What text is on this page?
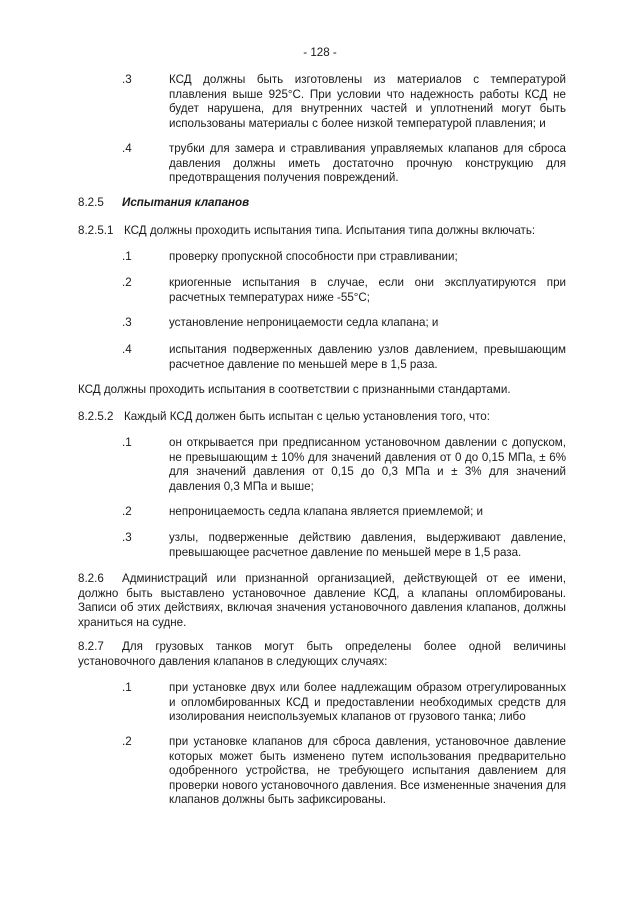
- 128 -
.3	КСД должны быть изготовлены из материалов с температурой плавления выше 925°C. При условии что надежность работы КСД не будет нарушена, для внутренних частей и уплотнений могут быть использованы материалы с более низкой температурой плавления; и
.4	трубки для замера и стравливания управляемых клапанов для сброса давления должны иметь достаточно прочную конструкцию для предотвращения получения повреждений.
8.2.5 Испытания клапанов
8.2.5.1 КСД должны проходить испытания типа. Испытания типа должны включать:
.1	проверку пропускной способности при стравливании;
.2	криогенные испытания в случае, если они эксплуатируются при расчетных температурах ниже -55°C;
.3	установление непроницаемости седла клапана; и
.4	испытания подверженных давлению узлов давлением, превышающим расчетное давление по меньшей мере в 1,5 раза.
КСД должны проходить испытания в соответствии с признанными стандартами.
8.2.5.2 Каждый КСД должен быть испытан с целью установления того, что:
.1	он открывается при предписанном установочном давлении с допуском, не превышающим ± 10% для значений давления от 0 до 0,15 МПа, ± 6% для значений давления от 0,15 до 0,3 МПа и ± 3% для значений давления 0,3 МПа и выше;
.2	непроницаемость седла клапана является приемлемой; и
.3	узлы, подверженные действию давления, выдерживают давление, превышающее расчетное давление по меньшей мере в 1,5 раза.
8.2.6 Администраций или признанной организацией, действующей от ее имени, должно быть выставлено установочное давление КСД, а клапаны опломбированы. Записи об этих действиях, включая значения установочного давления клапанов, должны храниться на судне.
8.2.7 Для грузовых танков могут быть определены более одной величины установочного давления клапанов в следующих случаях:
.1	при установке двух или более надлежащим образом отрегулированных и опломбированных КСД и предоставлении необходимых средств для изолирования неиспользуемых клапанов от грузового танка; либо
.2	при установке клапанов для сброса давления, установочное давление которых может быть изменено путем использования предварительно одобренного устройства, не требующего испытания давлением для проверки нового установочного давления. Все измененные значения для клапанов должны быть зафиксированы.
